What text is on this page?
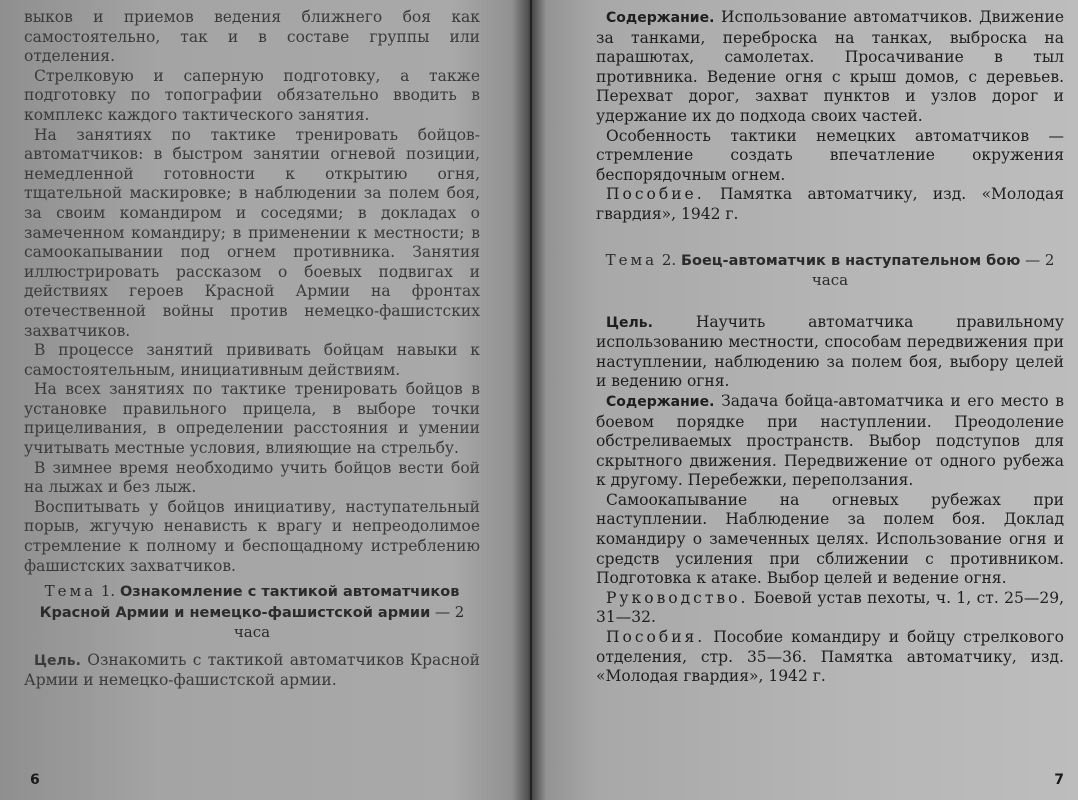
выков и приемов ведения ближнего боя как самостоятельно, так и в составе группы или отделения.

Стрелковую и саперную подготовку, а также подготовку по топографии обязательно вводить в комплекс каждого тактического занятия.

На занятиях по тактике тренировать бойцов-автоматчиков: в быстром занятии огневой позиции, немедленной готовности к открытию огня, тщательной маскировке; в наблюдении за полем боя, за своим командиром и соседями; в докладах о замеченном командиру; в применении к местности; в самоокапывании под огнем противника. Занятия иллюстрировать рассказом о боевых подвигах и действиях героев Красной Армии на фронтах отечественной войны против немецко-фашистских захватчиков.

В процессе занятий прививать бойцам навыки к самостоятельным, инициативным действиям.

На всех занятиях по тактике тренировать бойцов в установке правильного прицела, в выборе точки прицеливания, в определении расстояния и умении учитывать местные условия, влияющие на стрельбу.

В зимнее время необходимо учить бойцов вести бой на лыжах и без лыж.

Воспитывать у бойцов инициативу, наступательный порыв, жгучую ненависть к врагу и непреодолимое стремление к полному и беспощадному истреблению фашистских захватчиков.

Тема 1. Ознакомление с тактикой автоматчиков Красной Армии и немецко-фашистской армии — 2 часа

Цель. Ознакомить с тактикой автоматчиков Красной Армии и немецко-фашистской армии.

6

Содержание. Использование автоматчиков. Движение за танками, переброска на танках, выброска на парашютах, самолетах. Просачивание в тыл противника. Ведение огня с крыш домов, с деревьев. Перехват дорог, захват пунктов и узлов дорог и удержание их до подхода своих частей.

Особенность тактики немецких автоматчиков — стремление создать впечатление окружения беспорядочным огнем.

Пособие. Памятка автоматчику, изд. «Молодая гвардия», 1942 г.

Тема 2. Боец-автоматчик в наступательном бою — 2 часа

Цель.	Научить автоматчика правильному использованию местности, способам передвижения при наступлении, наблюдению за полем боя, выбору целей и ведению огня.

Содержание. Задача бойца-автоматчика и его место в боевом порядке при наступлении. Преодоление обстреливаемых пространств. Выбор подступов для скрытного движения. Передвижение от одного рубежа к другому. Перебежки, переползания.

Самоокапывание на огневых рубежах при наступлении. Наблюдение за полем боя. Доклад командиру о замеченных целях. Использование огня и средств усиления при сближении с противником. Подготовка к атаке. Выбор целей и ведение огня.

Руководство. Боевой устав пехоты, ч. 1, ст. 25—29, 31—32.

Пособия. Пособие командиру и бойцу стрелкового отделения, стр. 35—36. Памятка автоматчику, изд. «Молодая гвардия», 1942 г.

7
